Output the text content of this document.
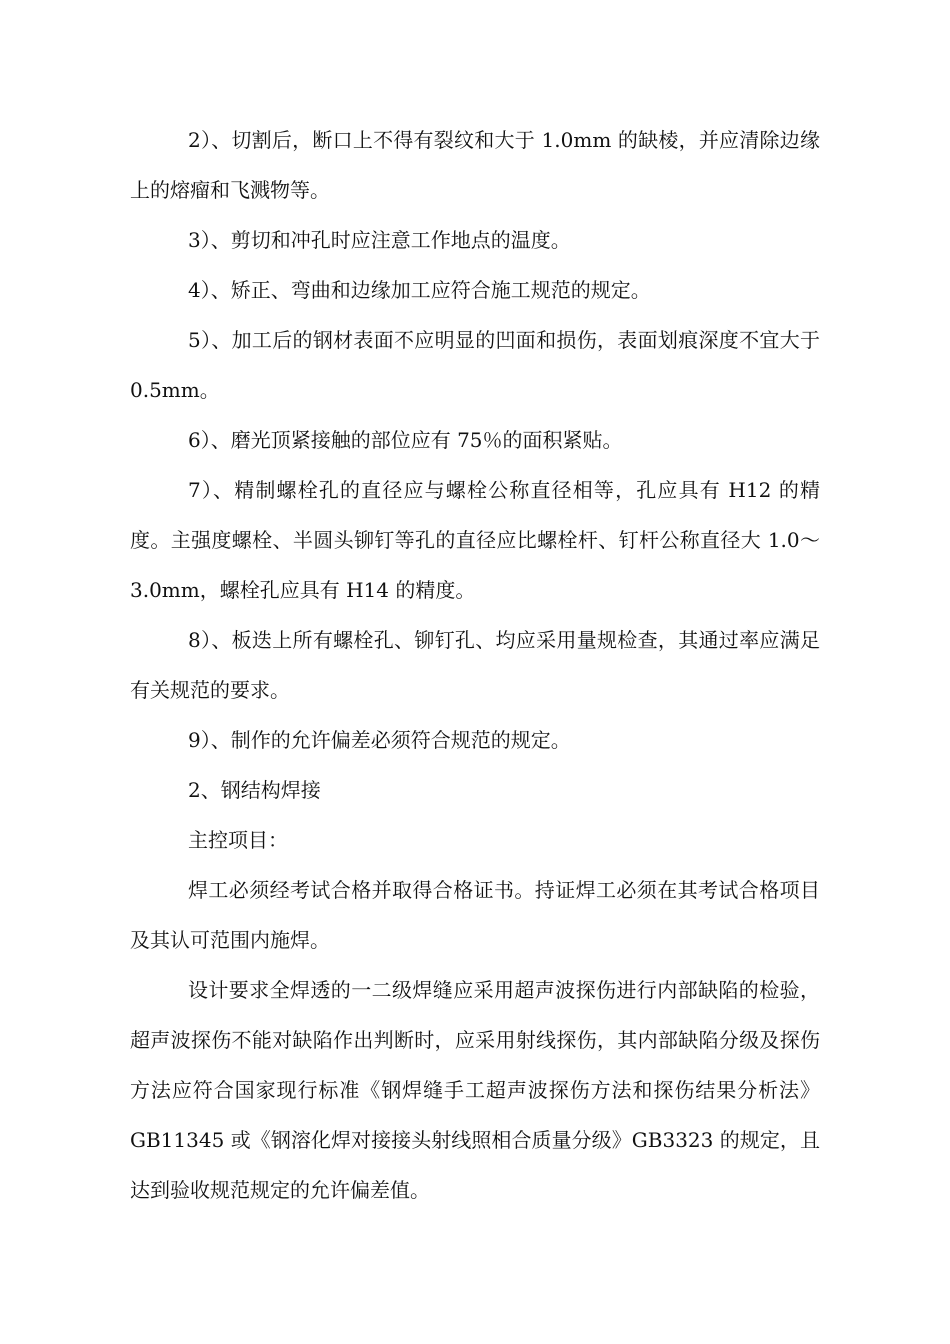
2）、切割后，断口上不得有裂纹和大于 1.0mm 的缺棱，并应清除边缘上的熔瘤和飞溅物等。

3）、剪切和冲孔时应注意工作地点的温度。

4）、矫正、弯曲和边缘加工应符合施工规范的规定。

5）、加工后的钢材表面不应明显的凹面和损伤，表面划痕深度不宜大于 0.5mm。

6）、磨光顶紧接触的部位应有 75％的面积紧贴。

7）、精制螺栓孔的直径应与螺栓公称直径相等，孔应具有 H12 的精度。主强度螺栓、半圆头铆钉等孔的直径应比螺栓杆、钉杆公称直径大 1.0～3.0mm，螺栓孔应具有 H14 的精度。

8）、板迭上所有螺栓孔、铆钉孔、均应采用量规检查，其通过率应满足有关规范的要求。

9）、制作的允许偏差必须符合规范的规定。

2、钢结构焊接

主控项目：

焊工必须经考试合格并取得合格证书。持证焊工必须在其考试合格项目及其认可范围内施焊。

设计要求全焊透的一二级焊缝应采用超声波探伤进行内部缺陷的检验，超声波探伤不能对缺陷作出判断时，应采用射线探伤，其内部缺陷分级及探伤方法应符合国家现行标准《钢焊缝手工超声波探伤方法和探伤结果分析法》GB11345 或《钢溶化焊对接接头射线照相合质量分级》GB3323 的规定，且达到验收规范规定的允许偏差值。
